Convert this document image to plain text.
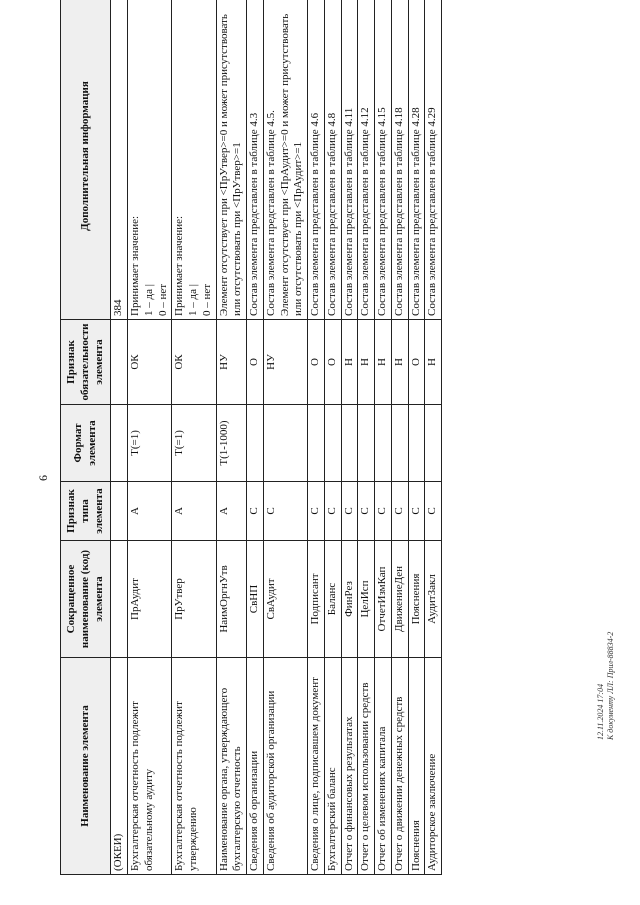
6
Наименование элемента	Сокращенное наименование (код) элемента	Признак типа элемента	Формат элемента	Признак обязательности элемента	Дополнительная информация
(ОКЕИ)					384

Бухгалтерская отчетность подлежит обязательному аудиту	ПрАудит	А	Т(=1)	ОК	Принимает значение: 1 – да | 0 – нет

Бухгалтерская отчетность подлежит утверждению	ПрУтвер	А	Т(=1)	ОК	Принимает значение: 1 – да | 0 – нет

Наименование органа, утверждающего бухгалтерскую отчетность	НаимОргнУтв	А	Т(1-1000)	НУ	Элемент отсутствует при <ПрУтвер>=0 и может присутствовать или отсутствовать при <ПрУтвер>=1

Сведения об организации	СвНП	С		О	Состав элемента представлен в таблице 4.3

Сведения об аудиторской организации	СвАудит	С		НУ	Состав элемента представлен в таблице 4.5. Элемент отсутствует при <ПрАудит>=0 и может присутствовать или отсутствовать при <ПрАудит>=1

Сведения о лице, подписавшем документ	Подписант	С		О	Состав элемента представлен в таблице 4.6

Бухгалтерский баланс	Баланс	С		О	Состав элемента представлен в таблице 4.8

Отчет о финансовых результатах	ФинРез	С		Н	Состав элемента представлен в таблице 4.11

Отчет о целевом использовании средств	ЦелИсп	С		Н	Состав элемента представлен в таблице 4.12

Отчет об изменениях капитала	ОтчетИзмКап	С		Н	Состав элемента представлен в таблице 4.15

Отчет о движении денежных средств	ДвижениеДен	С		Н	Состав элемента представлен в таблице 4.18

Пояснения	Пояснения	С		О	Состав элемента представлен в таблице 4.28

Аудиторское заключение	АудитЗакл	С		Н	Состав элемента представлен в таблице 4.29
12.11.2024 17:04 К документу ЛЛ: Прил-88834-2
